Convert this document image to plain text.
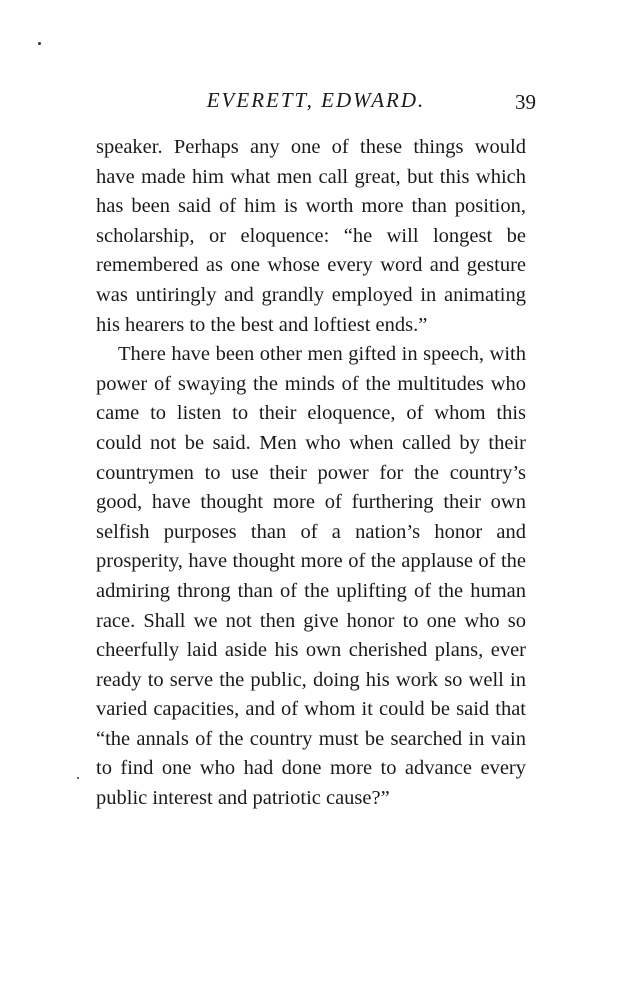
EVERETT, EDWARD.	39

speaker. Perhaps any one of these things would have made him what men call great, but this which has been said of him is worth more than position, scholarship, or eloquence: “he will longest be remembered as one whose every word and gesture was untiringly and grandly employed in animating his hearers to the best and loftiest ends.”

There have been other men gifted in speech, with power of swaying the minds of the multitudes who came to listen to their eloquence, of whom this could not be said. Men who when called by their countrymen to use their power for the country’s good, have thought more of furthering their own selfish purposes than of a nation’s honor and prosperity, have thought more of the applause of the admiring throng than of the uplifting of the human race. Shall we not then give honor to one who so cheerfully laid aside his own cherished plans, ever ready to serve the public, doing his work so well in varied capacities, and of whom it could be said that “the annals of the country must be searched in vain to find one who had done more to advance every public interest and patriotic cause?”
